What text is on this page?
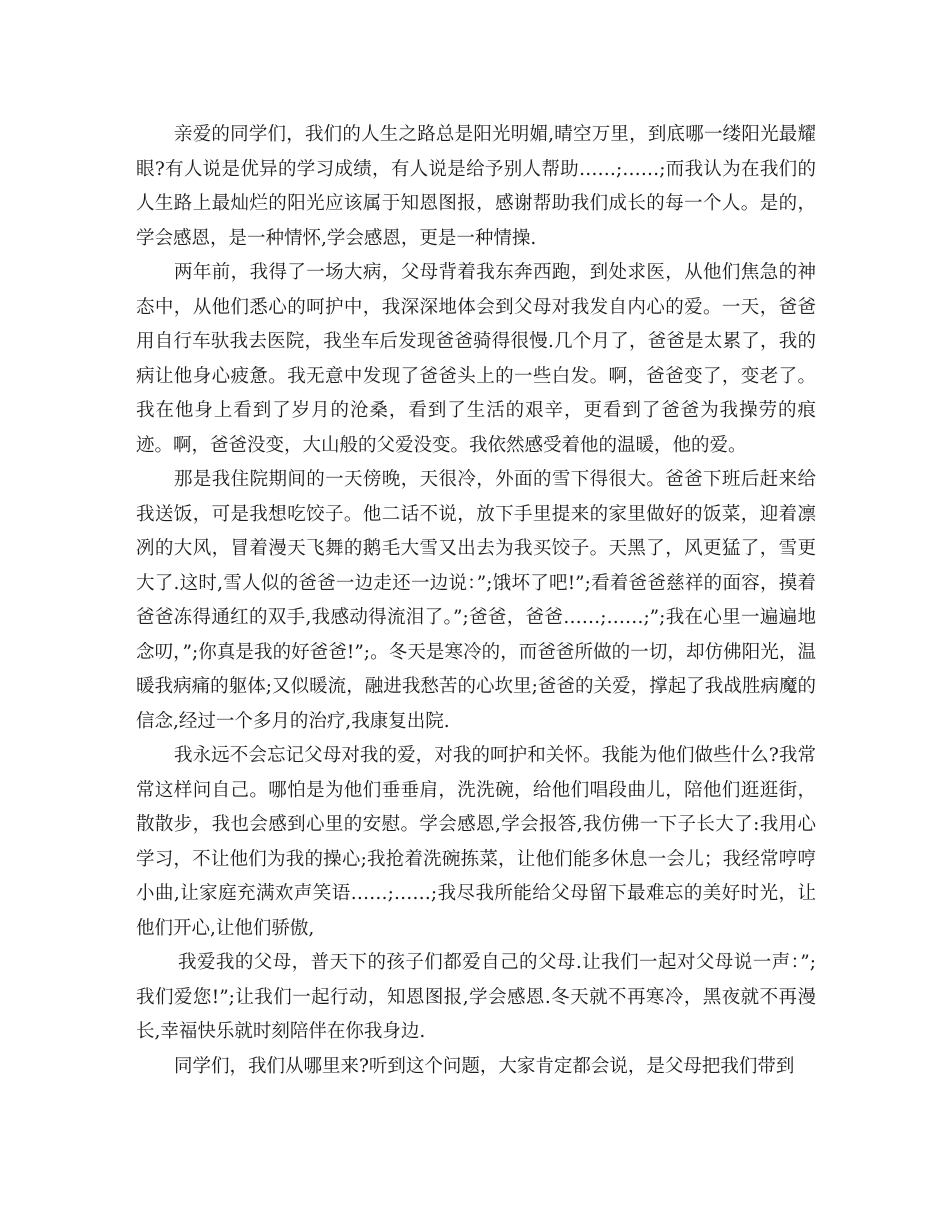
亲爱的同学们，我们的人生之路总是阳光明媚,晴空万里，到底哪一缕阳光最耀眼?有人说是优异的学习成绩，有人说是给予别人帮助……;……;而我认为在我们的人生路上最灿烂的阳光应该属于知恩图报，感谢帮助我们成长的每一个人。是的，学会感恩，是一种情怀,学会感恩，更是一种情操.

两年前，我得了一场大病，父母背着我东奔西跑，到处求医，从他们焦急的神态中，从他们悉心的呵护中，我深深地体会到父母对我发自内心的爱。一天，爸爸用自行车驮我去医院，我坐车后发现爸爸骑得很慢.几个月了，爸爸是太累了，我的病让他身心疲惫。我无意中发现了爸爸头上的一些白发。啊，爸爸变了，变老了。我在他身上看到了岁月的沧桑，看到了生活的艰辛，更看到了爸爸为我操劳的痕迹。啊，爸爸没变，大山般的父爱没变。我依然感受着他的温暖，他的爱。

那是我住院期间的一天傍晚，天很冷，外面的雪下得很大。爸爸下班后赶来给我送饭，可是我想吃饺子。他二话不说，放下手里提来的家里做好的饭菜，迎着凛冽的大风，冒着漫天飞舞的鹅毛大雪又出去为我买饺子。天黑了，风更猛了，雪更大了.这时,雪人似的爸爸一边走还一边说：”;饿坏了吧!”;看着爸爸慈祥的面容，摸着爸爸冻得通红的双手,我感动得流泪了。”;爸爸，爸爸……;……;”;我在心里一遍遍地念叨，”;你真是我的好爸爸!”;。冬天是寒冷的，而爸爸所做的一切，却仿佛阳光，温暖我病痛的躯体;又似暖流，融进我愁苦的心坎里;爸爸的关爱，撑起了我战胜病魔的信念,经过一个多月的治疗,我康复出院.

我永远不会忘记父母对我的爱，对我的呵护和关怀。我能为他们做些什么?我常常这样问自己。哪怕是为他们垂垂肩，洗洗碗，给他们唱段曲儿，陪他们逛逛街，散散步，我也会感到心里的安慰。学会感恩,学会报答,我仿佛一下子长大了:我用心学习，不让他们为我的操心;我抢着洗碗拣菜，让他们能多休息一会儿；我经常哼哼小曲,让家庭充满欢声笑语……;……;我尽我所能给父母留下最难忘的美好时光，让他们开心,让他们骄傲,

我爱我的父母，普天下的孩子们都爱自己的父母.让我们一起对父母说一声：”;我们爱您!”;让我们一起行动，知恩图报,学会感恩.冬天就不再寒冷，黑夜就不再漫长,幸福快乐就时刻陪伴在你我身边.

同学们，我们从哪里来?听到这个问题，大家肯定都会说，是父母把我们带到
